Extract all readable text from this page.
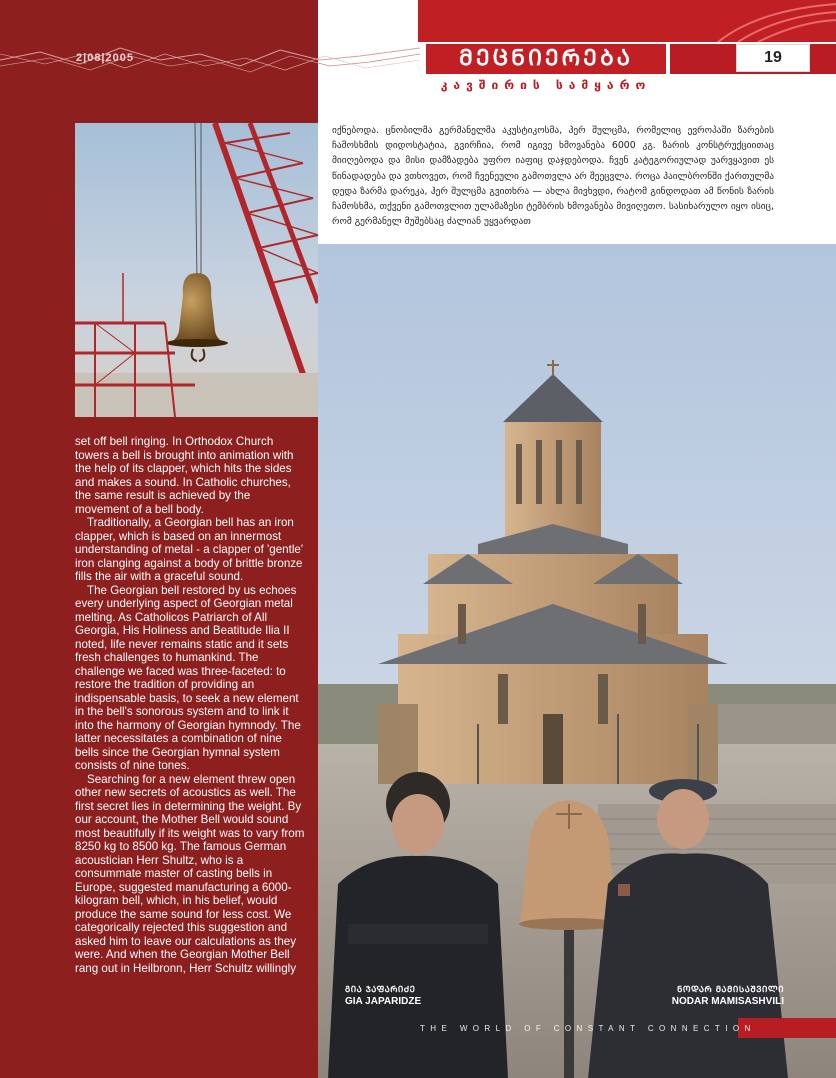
2|08|2005	ᲛᲔᲪᲜᲘᲔᲠᲔᲑᲐ
კავშირის სამყარო
19
იქნებოდა. ცნობილმა გერმანელმა აკუსტიკოსმა, ჰერ შულცმა, რომელიც ევროპაში ზარების ჩამოსხმის დიდოსტატია, გვირჩია, რომ იგივე ხმოვანება 6000 კგ. ზარის კონსტრუქციითაც მიიღებოდა და მისი დამზადება უფრო იაფიც დაჯდებოდა. ჩვენ კატეგორიულად უარვყავით ეს წინადადება და ვთხოვეთ, რომ ჩვენეული გამოთვლა არ შეეცვლა. როცა ჰაილბრონში ქართულმა დედა ზარმა დარეკა, ჰერ შულცმა გვითხრა — ახლა მივხვდი, რატომ გინდოდათ ამ წონის ზარის ჩამოსხმა, თქვენი გამოთვლით ულამაზესი ტემბრის ხმოვანება მივიღეთო. სასიხარულო იყო ისიც, რომ გერმანელ მუშებსაც ძალიან უყვარდათ

set off bell ringing. In Orthodox Church towers a bell is brought into animation with the help of its clapper, which hits the sides and makes a sound. In Catholic churches, the same result is achieved by the movement of a bell body.

Traditionally, a Georgian bell has an iron clapper, which is based on an innermost understanding of metal - a clapper of 'gentle' iron clanging against a body of brittle bronze fills the air with a graceful sound.

The Georgian bell restored by us echoes every underlying aspect of Georgian metal melting. As Catholicos Patriarch of All Georgia, His Holiness and Beatitude Ilia II noted, life never remains static and it sets fresh challenges to humankind. The challenge we faced was three-faceted: to restore the tradition of providing an indispensable basis, to seek a new element in the bell's sonorous system and to link it into the harmony of Georgian hymnody. The latter necessitates a combination of nine bells since the Georgian hymnal system consists of nine tones.

Searching for a new element threw open other new secrets of acoustics as well. The first secret lies in determining the weight. By our account, the Mother Bell would sound most beautifully if its weight was to vary from 8250 kg to 8500 kg. The famous German acoustician Herr Shultz, who is a consummate master of casting bells in Europe, suggested manufacturing a 6000-kilogram bell, which, in his belief, would produce the same sound for less cost. We categorically rejected this suggestion and asked him to leave our calculations as they were. And when the Georgian Mother Bell rang out in Heilbronn, Herr Schultz willingly

ᲒᲘᲐ ᲯᲐᲤᲐᲠᲘᲫᲔ
GIA JAPARIDZE
ᲜᲝᲓᲐᲠ ᲛᲐᲛᲘᲡᲐᲨᲕᲘᲚᲘ
NODAR MAMISASHVILI
THE WORLD OF CONSTANT CONNECTION
